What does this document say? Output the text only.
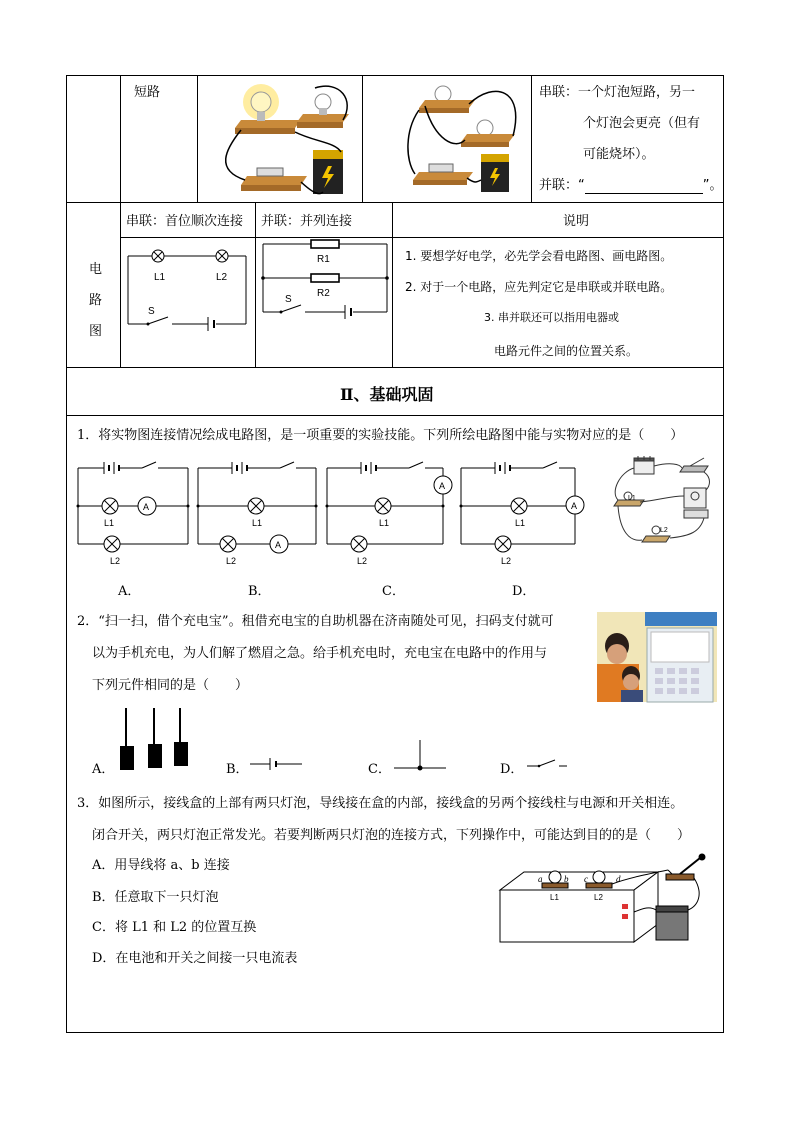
短路	串联：一个灯泡短路，另一
个灯泡会更亮（但有
可能烧坏）。
并联：“	”。
电
路
图
串联：首位顺次连接 并联：并列连接	说明
L1	L2
S
R1
R2
S
1. 要想学好电学，必先学会看电路图、画电路图。
2. 对于一个电路，应先判定它是串联或并联电路。
3. 串并联还可以指用电器或
电路元件之间的位置关系。
Ⅱ、基础巩固
1．将实物图连接情况绘成电路图，是一项重要的实验技能。下列所绘电路图中能与实物对应的是（　　）
A
L1
L2
A
L1
L2
A
L1
L2
A
L1
L2
L1
L2
A．	B．	C．	D．
2．“扫一扫，借个充电宝”。租借充电宝的自助机器在济南随处可见，扫码支付就可
以为手机充电，为人们解了燃眉之急。给手机充电时，充电宝在电路中的作用与
下列元件相同的是（　　）
A．	B．	C．	D．
3．如图所示，接线盒的上部有两只灯泡，导线接在盒的内部，接线盒的另两个接线柱与电源和开关相连。
闭合开关，两只灯泡正常发光。若要判断两只灯泡的连接方式，下列操作中，可能达到目的的是（　　）
A．用导线将 a、b 连接
B．任意取下一只灯泡
C．将 L1 和 L2 的位置互换
D．在电池和开关之间接一只电流表
a b c	d
L1	L2
